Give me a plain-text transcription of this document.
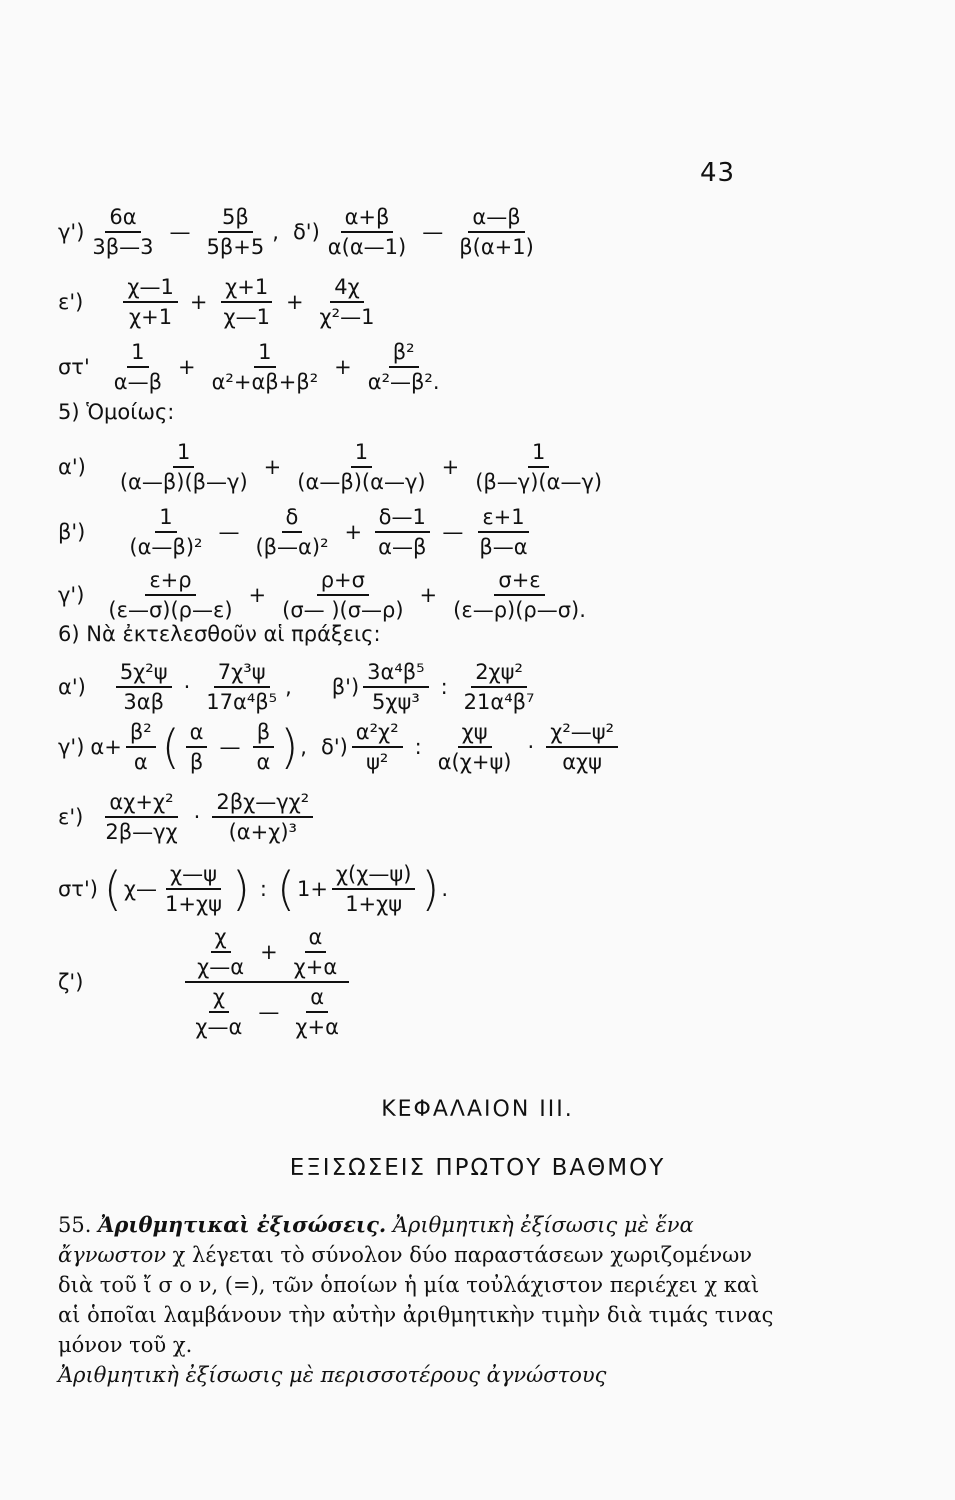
43
$\gamma') \frac{6\alpha}{3\beta—3}$ — $\frac{5\beta}{5\beta+5}$ , $\delta') \frac{\alpha+\beta}{\alpha(\alpha—1)}$ — $\frac{\alpha—\beta}{\beta(\alpha+1)}$
$\varepsilon') \frac{\chi—1}{\chi+1} + \frac{\chi+1}{\chi—1} + \frac{4\chi}{\text{χ²—1}}$
$\sigma\tau' \frac{1}{\alpha—\beta} + \frac{1}{\text{α²+αβ+β²}} + \frac{\text{β²}}{\text{α²—β².}}$
5) Ὁμοίως:
$\alpha') \frac{1}{(\alpha—\beta)(\beta—\gamma)} + \frac{1}{(\alpha—\beta)(\alpha—\gamma)} + \frac{1}{(\beta—\gamma)(\alpha—\gamma)}$
$\beta') \frac{1}{\text{(α—β)²}}$ — $\frac{\delta}{\text{(β—α)²}} + \frac{\delta—1}{\alpha—\beta}$ — $\frac{\varepsilon+1}{\beta—\alpha}$
$\gamma') \frac{\varepsilon+\rho}{(\varepsilon—\sigma)(\rho—\varepsilon)} + \frac{\rho+\sigma}{(\sigma— )(\sigma—\rho)} + \frac{\sigma+\varepsilon}{(\varepsilon—\rho)(\rho—\sigma).}$
6) Νὰ ἐκτελεσθοῦν αἱ πράξεις:
$\alpha') \frac{\text{5χ²ψ}}{3\alpha\beta} \cdot \frac{\text{7χ³ψ}}{\text{17α⁴β⁵}}$ , $\beta') \frac{\text{3α⁴β⁵}}{\text{5χψ³}}$ : $\frac{\text{2χψ²}}{\text{21α⁴β⁷}}$
γ') $\alpha+ \frac{\text{β²}}{\alpha}$ ( $\frac{\alpha}{\beta}$ — $\frac{\beta}{\alpha}$ ) , $\delta') \frac{\text{α²χ²}}{\text{ψ²}}$ : $\frac{\chi\psi}{\alpha(\chi+\psi)} \cdot \frac{\text{χ²—ψ²}}{\text{αχψ}}$
$\varepsilon') \frac{\text{αχ+χ²}}{2\beta—\gamma\chi} \cdot \frac{\text{2βχ—γχ²}}{\text{(α+χ)³}}$
στ') ( χ— $\frac{\chi—\psi}{1+\chi\psi}$ ) : ( $1+ \frac{\chi(\chi—\psi)}{1+\chi\psi}$ ) .
ζ')	$\frac{\frac{\chi}{\chi—\alpha} + \frac{\alpha}{\chi+\alpha}}{\frac{\chi}{\chi—\alpha} — \frac{\alpha}{\chi+\alpha}}$
ΚΕΦΑΛΑΙΟΝ III.
ΕΞΙΣΩΣΕΙΣ ΠΡΩΤΟΥ ΒΑΘΜΟΥ
55. Ἀριθμητικαὶ ἐξισώσεις. Ἀριθμητικὴ ἐξίσωσις μὲ ἕνα ἄγνωστον χ λέγεται τὸ σύνολον δύο παραστάσεων χωριζομένων διὰ τοῦ ἴ σ ο ν, (=), τῶν ὁποίων ἡ μία τοὐλάχιστον περιέχει χ καὶ αἱ ὁποῖαι λαμβάνουν τὴν αὐτὴν ἀριθμητικὴν τιμὴν διὰ τιμάς τινας μόνον τοῦ χ.
Ἀριθμητικὴ ἐξίσωσις μὲ περισσοτέρους ἀγνώστους
